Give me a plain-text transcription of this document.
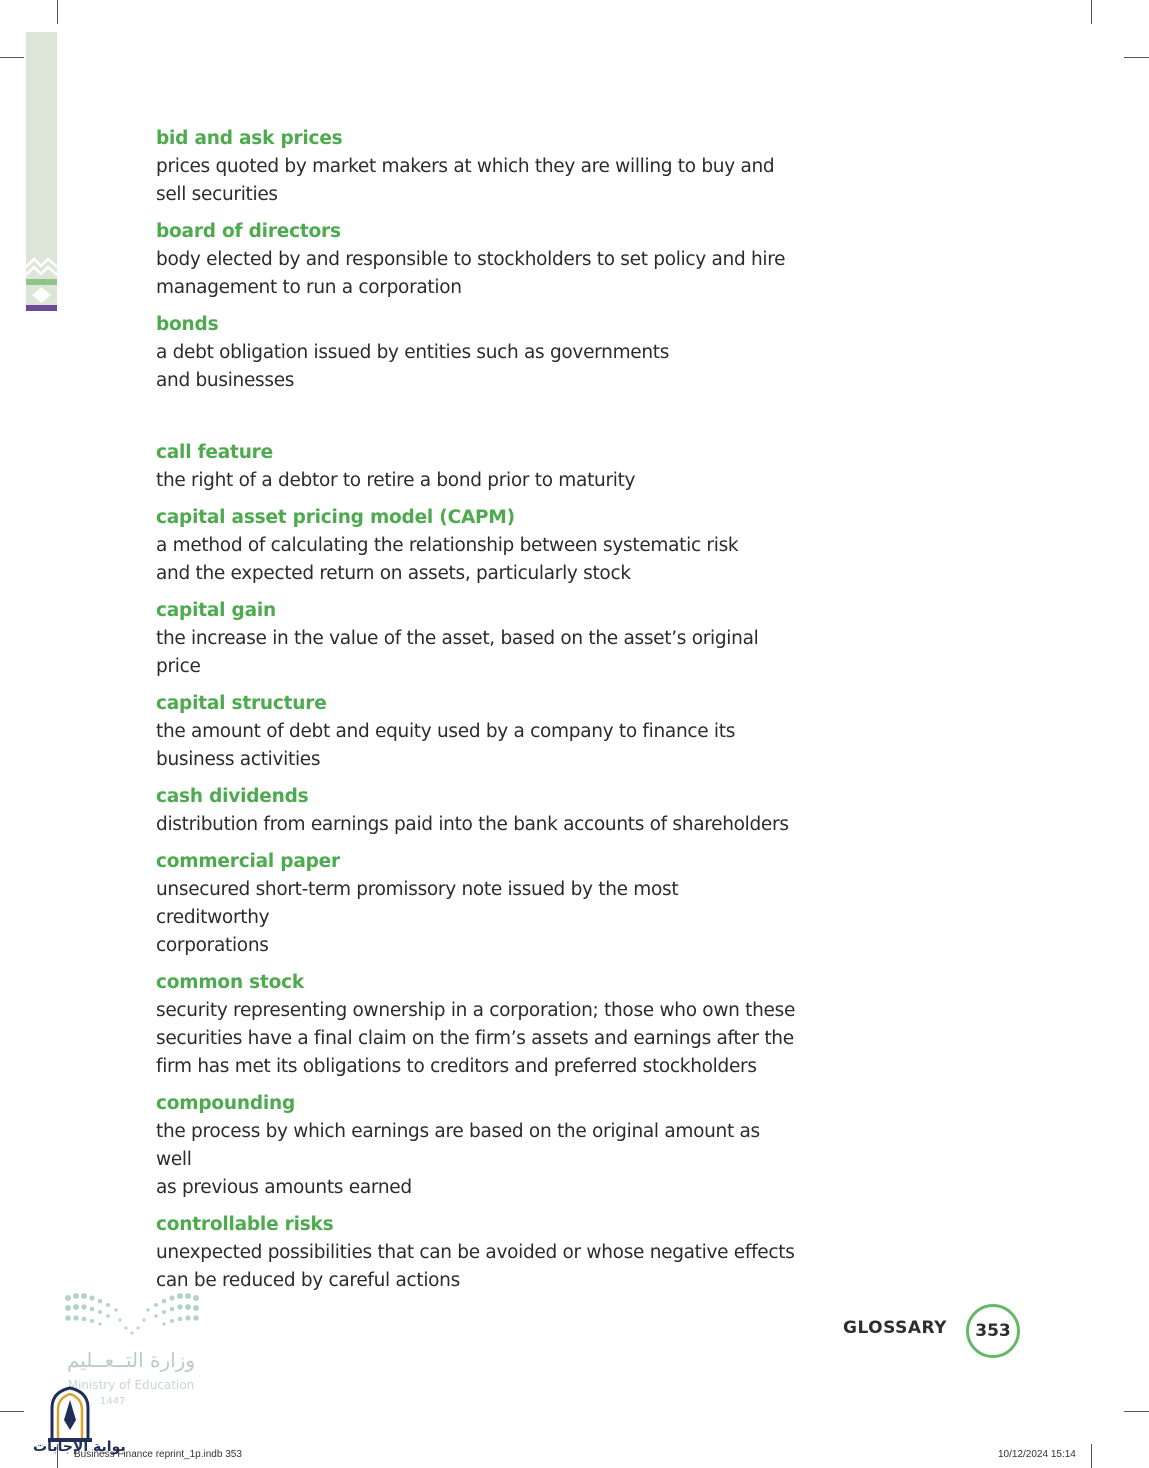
bid and ask prices
prices quoted by market makers at which they are willing to buy and
sell securities
board of directors
body elected by and responsible to stockholders to set policy and hire
management to run a corporation
bonds
a debt obligation issued by entities such as governments
and businesses
call feature
the right of a debtor to retire a bond prior to maturity
capital asset pricing model (CAPM)
a method of calculating the relationship between systematic risk
and the expected return on assets, particularly stock
capital gain
the increase in the value of the asset, based on the asset’s original price
capital structure
the amount of debt and equity used by a company to finance its
business activities
cash dividends
distribution from earnings paid into the bank accounts of shareholders
commercial paper
unsecured short-term promissory note issued by the most creditworthy
corporations
common stock
security representing ownership in a corporation; those who own these
securities have a final claim on the firm’s assets and earnings after the
firm has met its obligations to creditors and preferred stockholders
compounding
the process by which earnings are based on the original amount as well
as previous amounts earned
controllable risks
unexpected possibilities that can be avoided or whose negative effects
can be reduced by careful actions
وزارة التــعــليم
Ministry of Education
1447
بوابة الإجابات
GLOSSARY 353
Business Finance reprint_1p.indb 353	10/12/2024 15:14
